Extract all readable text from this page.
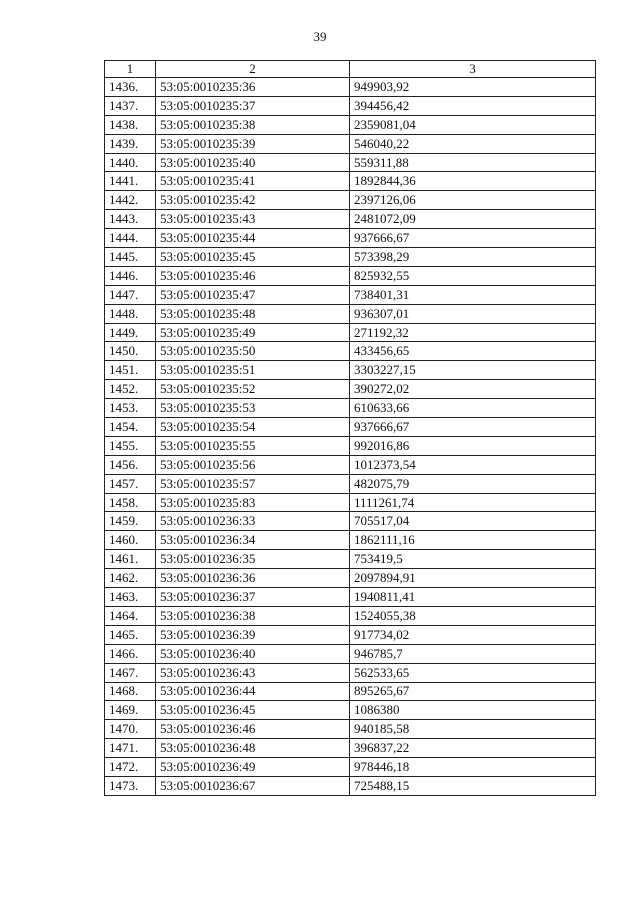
39
1	2	3
1436.	53:05:0010235:36	949903,92
1437.	53:05:0010235:37	394456,42
1438.	53:05:0010235:38	2359081,04
1439.	53:05:0010235:39	546040,22
1440.	53:05:0010235:40	559311,88
1441.	53:05:0010235:41	1892844,36
1442.	53:05:0010235:42	2397126,06
1443.	53:05:0010235:43	2481072,09
1444.	53:05:0010235:44	937666,67
1445.	53:05:0010235:45	573398,29
1446.	53:05:0010235:46	825932,55
1447.	53:05:0010235:47	738401,31
1448.	53:05:0010235:48	936307,01
1449.	53:05:0010235:49	271192,32
1450.	53:05:0010235:50	433456,65
1451.	53:05:0010235:51	3303227,15
1452.	53:05:0010235:52	390272,02
1453.	53:05:0010235:53	610633,66
1454.	53:05:0010235:54	937666,67
1455.	53:05:0010235:55	992016,86
1456.	53:05:0010235:56	1012373,54
1457.	53:05:0010235:57	482075,79
1458.	53:05:0010235:83	1111261,74
1459.	53:05:0010236:33	705517,04
1460.	53:05:0010236:34	1862111,16
1461.	53:05:0010236:35	753419,5
1462.	53:05:0010236:36	2097894,91
1463.	53:05:0010236:37	1940811,41
1464.	53:05:0010236:38	1524055,38
1465.	53:05:0010236:39	917734,02
1466.	53:05:0010236:40	946785,7
1467.	53:05:0010236:43	562533,65
1468.	53:05:0010236:44	895265,67
1469.	53:05:0010236:45	1086380
1470.	53:05:0010236:46	940185,58
1471.	53:05:0010236:48	396837,22
1472.	53:05:0010236:49	978446,18
1473.	53:05:0010236:67	725488,15
